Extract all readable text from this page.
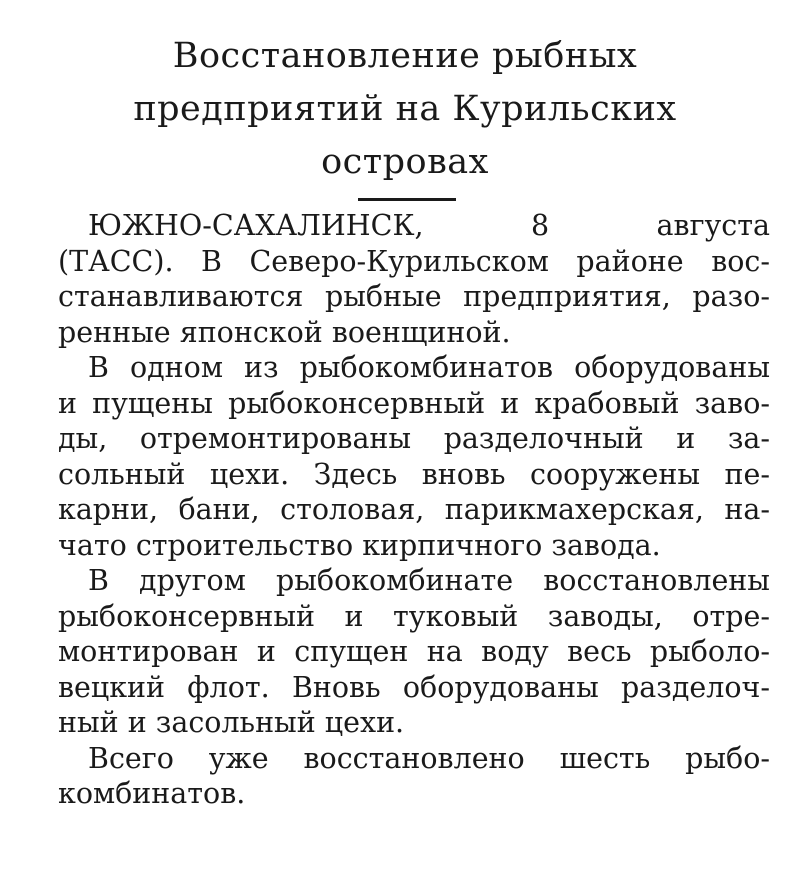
Восстановление рыбных
предприятий на Курильских
островах
ЮЖНО-САХАЛИНСК, 8 августа
(ТАСС). В Северо-Курильском районе вос-
станавливаются рыбные предприятия, разо-
ренные японской военщиной.
В одном из рыбокомбинатов оборудованы
и пущены рыбоконсервный и крабовый заво-
ды, отремонтированы разделочный и за-
сольный цехи. Здесь вновь сооружены пе-
карни, бани, столовая, парикмахерская, на-
чато строительство кирпичного завода.
В другом рыбокомбинате восстановлены
рыбоконсервный и туковый заводы, отре-
монтирован и спущен на воду весь рыболо-
вецкий флот. Вновь оборудованы разделоч-
ный и засольный цехи.
Всего уже восстановлено шесть рыбо-
комбинатов.
